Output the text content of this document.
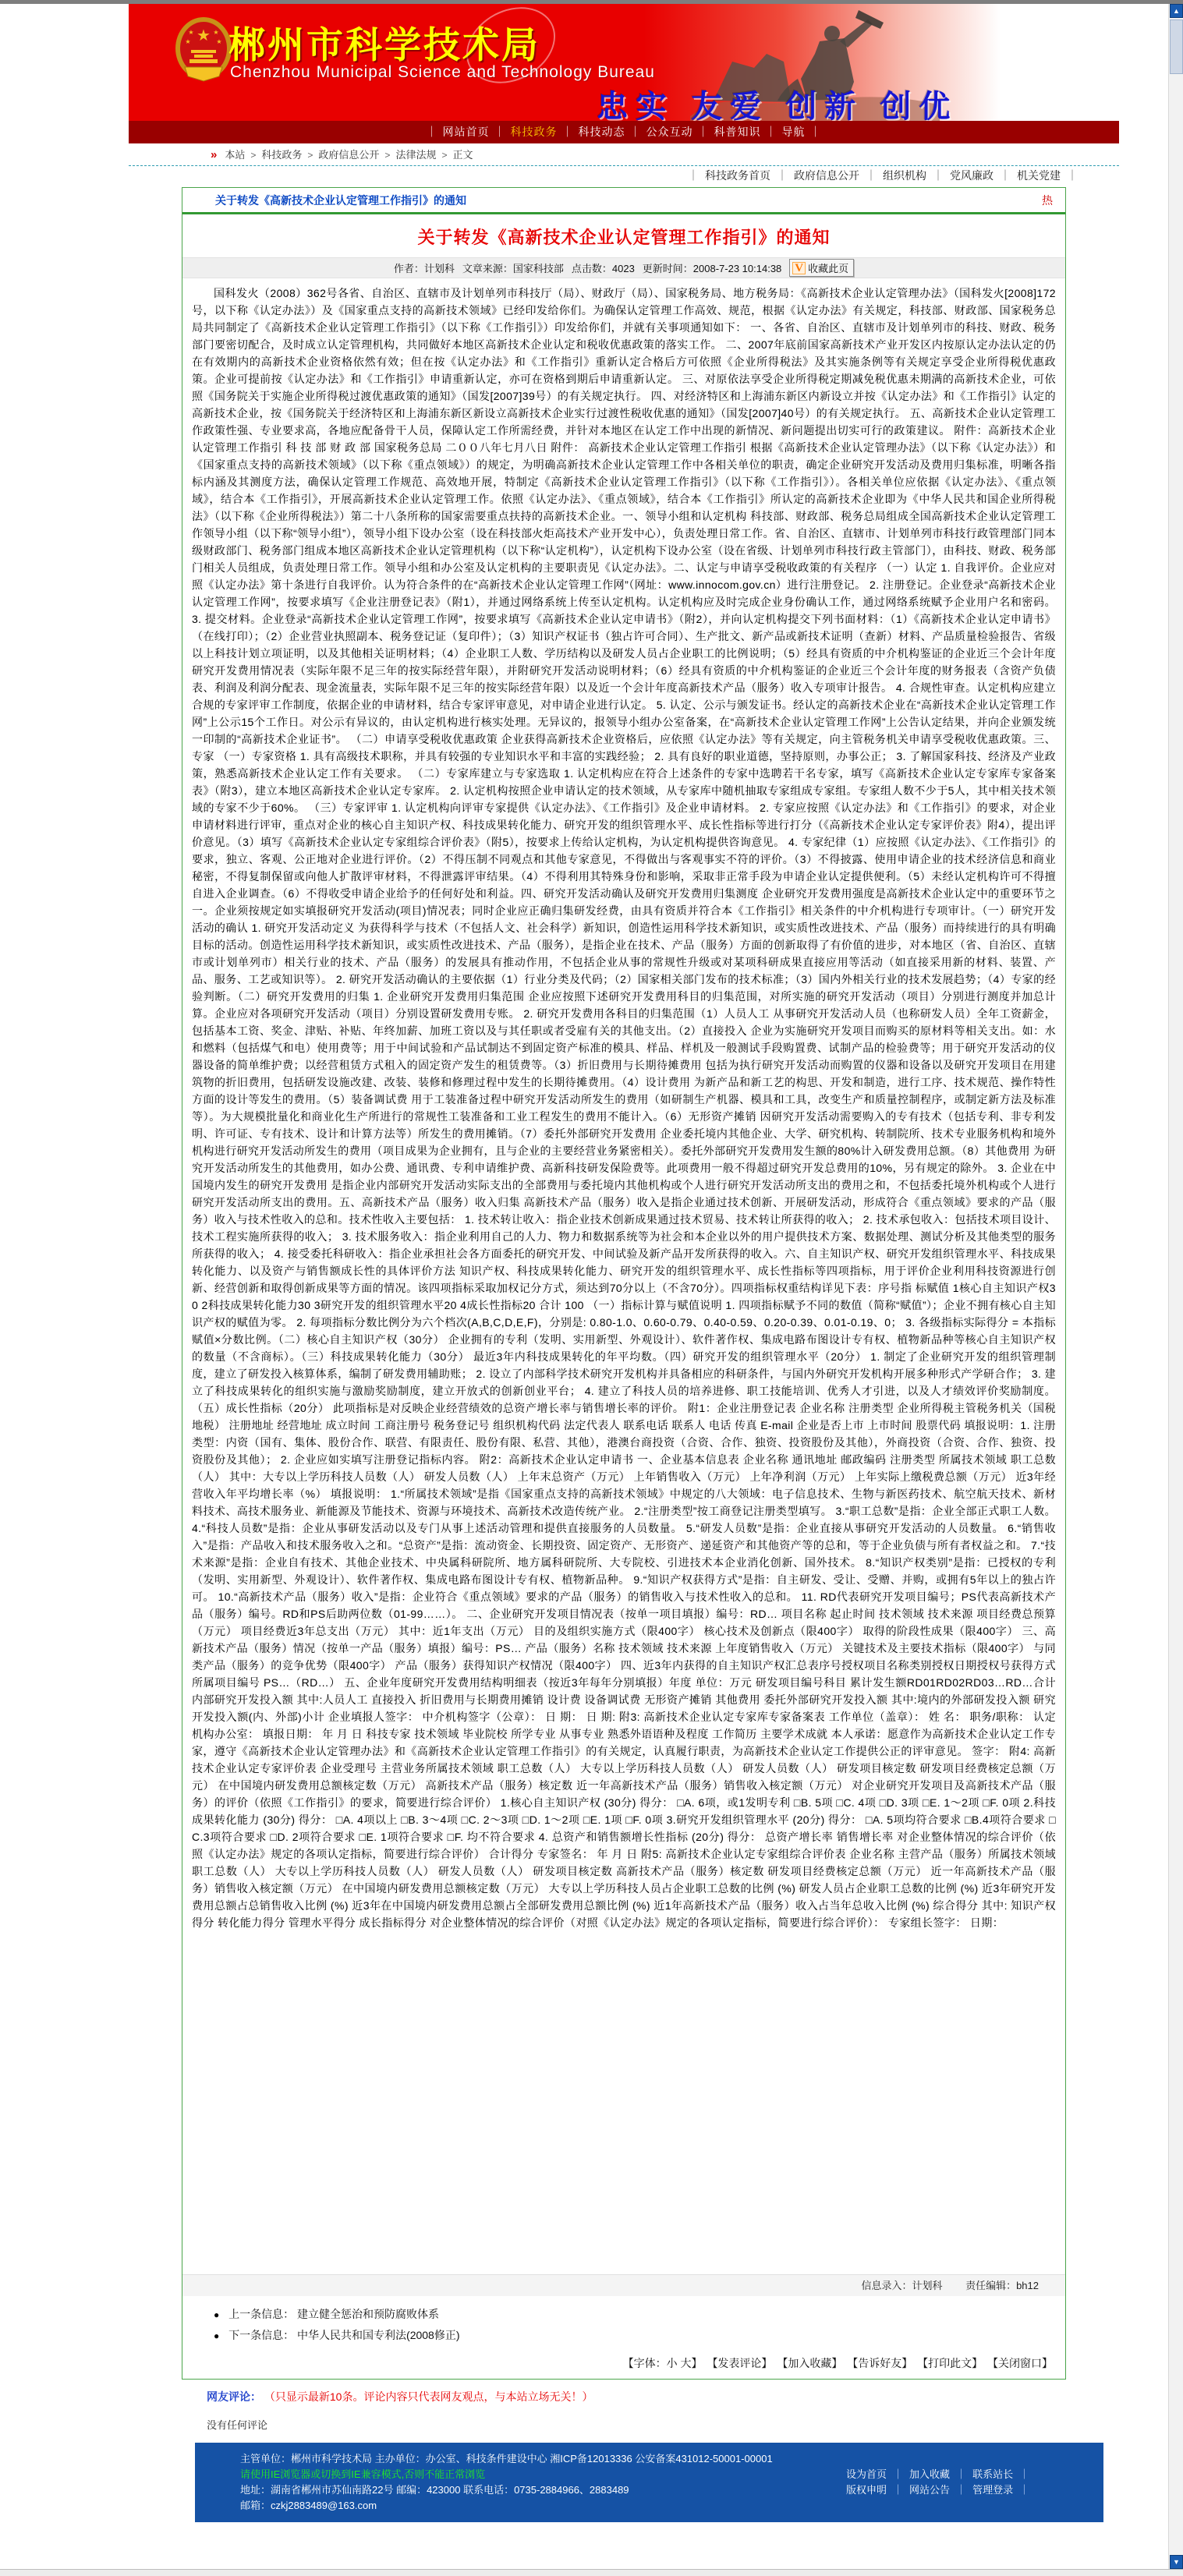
★
★	★
★	★ 郴州市科学技术局
Chenzhou Municipal Science and Technology Bureau
忠实 友爱 创新 创优
｜ 网站首页 ｜ 科技政务 ｜ 科技动态 ｜ 公众互动 ｜ 科普知识 ｜ 导航 ｜
» 本站 > 科技政务 > 政府信息公开 > 法律法规 > 正文
｜ 科技政务首页 ｜ 政府信息公开 ｜ 组织机构 ｜ 党风廉政 ｜ 机关党建 ｜
关于转发《高新技术企业认定管理工作指引》的通知	热
关于转发《高新技术企业认定管理工作指引》的通知
作者：计划科 文章来源：国家科技部 点击数：4023 更新时间：2008-7-23 10:14:38 V 收藏此页
国科发火（2008）362号各省、自治区、直辖市及计划单列市科技厅（局）、财政厅（局）、国家税务局、地方税务局：《高新技术企业认定管理办法》（国科发火[2008]172号，以下称《认定办法》）及《国家重点支持的高新技术领域》已经印发给你们。为确保认定管理工作高效、规范，根据《认定办法》有关规定，科技部、财政部、国家税务总局共同制定了《高新技术企业认定管理工作指引》（以下称《工作指引》）印发给你们，并就有关事项通知如下： 一、各省、自治区、直辖市及计划单列市的科技、财政、税务部门要密切配合，及时成立认定管理机构，共同做好本地区高新技术企业认定和税收优惠政策的落实工作。 二、2007年底前国家高新技术产业开发区内按原认定办法认定的仍在有效期内的高新技术企业资格依然有效；但在按《认定办法》和《工作指引》重新认定合格后方可依照《企业所得税法》及其实施条例等有关规定享受企业所得税优惠政策。企业可提前按《认定办法》和《工作指引》申请重新认定，亦可在资格到期后申请重新认定。 三、对原依法享受企业所得税定期减免税优惠未期满的高新技术企业，可依照《国务院关于实施企业所得税过渡优惠政策的通知》（国发[2007]39号）的有关规定执行。 四、对经济特区和上海浦东新区内新设立并按《认定办法》和《工作指引》认定的高新技术企业，按《国务院关于经济特区和上海浦东新区新设立高新技术企业实行过渡性税收优惠的通知》（国发[2007]40号）的有关规定执行。 五、高新技术企业认定管理工作政策性强、专业要求高，各地应配备骨干人员，保障认定工作所需经费，并针对本地区在认定工作中出现的新情况、新问题提出切实可行的政策建议。 附件：高新技术企业认定管理工作指引 科 技 部 财 政 部 国家税务总局 二００八年七月八日 附件： 高新技术企业认定管理工作指引 根据《高新技术企业认定管理办法》（以下称《认定办法》）和《国家重点支持的高新技术领域》（以下称《重点领域》）的规定，为明确高新技术企业认定管理工作中各相关单位的职责，确定企业研究开发活动及费用归集标准，明晰各指标内涵及其测度方法，确保认定管理工作规范、高效地开展，特制定《高新技术企业认定管理工作指引》（以下称《工作指引》）。各相关单位应依据《认定办法》、《重点领域》，结合本《工作指引》，开展高新技术企业认定管理工作。依照《认定办法》、《重点领域》，结合本《工作指引》所认定的高新技术企业即为《中华人民共和国企业所得税法》（以下称《企业所得税法》）第二十八条所称的国家需要重点扶持的高新技术企业。一、领导小组和认定机构 科技部、财政部、税务总局组成全国高新技术企业认定管理工作领导小组（以下称“领导小组”），领导小组下设办公室（设在科技部火炬高技术产业开发中心），负责处理日常工作。省、自治区、直辖市、计划单列市科技行政管理部门同本级财政部门、税务部门组成本地区高新技术企业认定管理机构（以下称“认定机构”），认定机构下设办公室（设在省级、计划单列市科技行政主管部门），由科技、财政、税务部门相关人员组成，负责处理日常工作。领导小组和办公室及认定机构的主要职责见《认定办法》。二、认定与申请享受税收政策的有关程序 （一）认定 1. 自我评价。企业应对照《认定办法》第十条进行自我评价。认为符合条件的在“高新技术企业认定管理工作网”（网址：www.innocom.gov.cn）进行注册登记。 2. 注册登记。企业登录“高新技术企业认定管理工作网”，按要求填写《企业注册登记表》（附1），并通过网络系统上传至认定机构。认定机构应及时完成企业身份确认工作，通过网络系统赋予企业用户名和密码。 3. 提交材料。企业登录“高新技术企业认定管理工作网”，按要求填写《高新技术企业认定申请书》（附2），并向认定机构提交下列书面材料：（1）《高新技术企业认定申请书》（在线打印）；（2）企业营业执照副本、税务登记证（复印件）；（3）知识产权证书（独占许可合同）、生产批文、新产品或新技术证明（查新）材料、产品质量检验报告、省级以上科技计划立项证明，以及其他相关证明材料；（4）企业职工人数、学历结构以及研发人员占企业职工的比例说明；（5）经具有资质的中介机构鉴证的企业近三个会计年度研究开发费用情况表（实际年限不足三年的按实际经营年限），并附研究开发活动说明材料；（6）经具有资质的中介机构鉴证的企业近三个会计年度的财务报表（含资产负债表、利润及利润分配表、现金流量表，实际年限不足三年的按实际经营年限）以及近一个会计年度高新技术产品（服务）收入专项审计报告。 4. 合规性审查。认定机构应建立合规的专家评审工作制度，依据企业的申请材料，结合专家评审意见，对申请企业进行认定。 5. 认定、公示与颁发证书。经认定的高新技术企业在“高新技术企业认定管理工作网”上公示15个工作日。对公示有异议的，由认定机构进行核实处理。无异议的，报领导小组办公室备案，在“高新技术企业认定管理工作网”上公告认定结果，并向企业颁发统一印制的“高新技术企业证书”。 （二）申请享受税收优惠政策 企业获得高新技术企业资格后，应依照《认定办法》等有关规定，向主管税务机关申请享受税收优惠政策。三、专家 （一）专家资格 1. 具有高级技术职称，并具有较强的专业知识水平和丰富的实践经验； 2. 具有良好的职业道德，坚持原则，办事公正； 3. 了解国家科技、经济及产业政策，熟悉高新技术企业认定工作有关要求。 （二）专家库建立与专家选取 1. 认定机构应在符合上述条件的专家中选聘若干名专家，填写《高新技术企业认定专家库专家备案表》（附3），建立本地区高新技术企业认定专家库。 2. 认定机构按照企业申请认定的技术领域，从专家库中随机抽取专家组成专家组。专家组人数不少于5人，其中相关技术领域的专家不少于60%。 （三）专家评审 1. 认定机构向评审专家提供《认定办法》、《工作指引》及企业申请材料。 2. 专家应按照《认定办法》和《工作指引》的要求，对企业申请材料进行评审，重点对企业的核心自主知识产权、科技成果转化能力、研究开发的组织管理水平、成长性指标等进行打分（《高新技术企业认定专家评价表》附4），提出评价意见。（3）填写《高新技术企业认定专家组综合评价表》（附5），按要求上传给认定机构，为认定机构提供咨询意见。 4. 专家纪律（1）应按照《认定办法》、《工作指引》的要求，独立、客观、公正地对企业进行评价。（2）不得压制不同观点和其他专家意见，不得做出与客观事实不符的评价。（3）不得披露、使用申请企业的技术经济信息和商业秘密，不得复制保留或向他人扩散评审材料，不得泄露评审结果。（4）不得利用其特殊身份和影响，采取非正常手段为申请企业认定提供便利。（5）未经认定机构许可不得擅自进入企业调查。（6）不得收受申请企业给予的任何好处和利益。四、研究开发活动确认及研究开发费用归集测度 企业研究开发费用强度是高新技术企业认定中的重要环节之一。企业须按规定如实填报研究开发活动(项目)情况表；同时企业应正确归集研发经费，由具有资质并符合本《工作指引》相关条件的中介机构进行专项审计。（一）研究开发活动的确认 1. 研究开发活动定义 为获得科学与技术（不包括人文、社会科学）新知识，创造性运用科学技术新知识，或实质性改进技术、产品（服务）而持续进行的具有明确目标的活动。创造性运用科学技术新知识，或实质性改进技术、产品（服务），是指企业在技术、产品（服务）方面的创新取得了有价值的进步，对本地区（省、自治区、直辖市或计划单列市）相关行业的技术、产品（服务）的发展具有推动作用，不包括企业从事的常规性升级或对某项科研成果直接应用等活动（如直接采用新的材料、装置、产品、服务、工艺或知识等）。 2. 研究开发活动确认的主要依据（1）行业分类及代码；（2）国家相关部门发布的技术标准；（3）国内外相关行业的技术发展趋势；（4）专家的经验判断。（二）研究开发费用的归集 1. 企业研究开发费用归集范围 企业应按照下述研究开发费用科目的归集范围，对所实施的研究开发活动（项目）分别进行测度并加总计算。企业应对各项研究开发活动（项目）分别设置研发费用专账。 2. 研究开发费用各科目的归集范围（1）人员人工 从事研究开发活动人员（也称研发人员）全年工资薪金，包括基本工资、奖金、津贴、补贴、年终加薪、加班工资以及与其任职或者受雇有关的其他支出。（2）直接投入 企业为实施研究开发项目而购买的原材料等相关支出。如：水和燃料（包括煤气和电）使用费等；用于中间试验和产品试制达不到固定资产标准的模具、样品、样机及一般测试手段购置费、试制产品的检验费等；用于研究开发活动的仪器设备的简单维护费；以经营租赁方式租入的固定资产发生的租赁费等。（3）折旧费用与长期待摊费用 包括为执行研究开发活动而购置的仪器和设备以及研究开发项目在用建筑物的折旧费用，包括研发设施改建、改装、装修和修理过程中发生的长期待摊费用。（4）设计费用 为新产品和新工艺的构思、开发和制造，进行工序、技术规范、操作特性方面的设计等发生的费用。（5）装备调试费 用于工装准备过程中研究开发活动所发生的费用（如研制生产机器、模具和工具，改变生产和质量控制程序，或制定新方法及标准等）。为大规模批量化和商业化生产所进行的常规性工装准备和工业工程发生的费用不能计入。（6）无形资产摊销 因研究开发活动需要购入的专有技术（包括专利、非专利发明、许可证、专有技术、设计和计算方法等）所发生的费用摊销。（7）委托外部研究开发费用 企业委托境内其他企业、大学、研究机构、转制院所、技术专业服务机构和境外机构进行研究开发活动所发生的费用（项目成果为企业拥有，且与企业的主要经营业务紧密相关）。委托外部研究开发费用发生额的80%计入研发费用总额。（8）其他费用 为研究开发活动所发生的其他费用，如办公费、通讯费、专利申请维护费、高新科技研发保险费等。此项费用一般不得超过研究开发总费用的10%，另有规定的除外。 3. 企业在中国境内发生的研究开发费用 是指企业内部研究开发活动实际支出的全部费用与委托境内其他机构或个人进行研究开发活动所支出的费用之和，不包括委托境外机构或个人进行研究开发活动所支出的费用。五、高新技术产品（服务）收入归集 高新技术产品（服务）收入是指企业通过技术创新、开展研发活动，形成符合《重点领域》要求的产品（服务）收入与技术性收入的总和。技术性收入主要包括： 1. 技术转让收入：指企业技术创新成果通过技术贸易、技术转让所获得的收入； 2. 技术承包收入：包括技术项目设计、技术工程实施所获得的收入； 3. 技术服务收入：指企业利用自己的人力、物力和数据系统等为社会和本企业以外的用户提供技术方案、数据处理、测试分析及其他类型的服务所获得的收入； 4. 接受委托科研收入：指企业承担社会各方面委托的研究开发、中间试验及新产品开发所获得的收入。六、自主知识产权、研究开发组织管理水平、科技成果转化能力、以及资产与销售额成长性的具体评价方法 知识产权、科技成果转化能力、研究开发的组织管理水平、成长性指标等四项指标，用于评价企业利用科技资源进行创新、经营创新和取得创新成果等方面的情况。该四项指标采取加权记分方式，须达到70分以上（不含70分）。四项指标权重结构详见下表：序号指 标赋值 1核心自主知识产权30 2科技成果转化能力30 3研究开发的组织管理水平20 4成长性指标20 合计 100 （一）指标计算与赋值说明 1. 四项指标赋予不同的数值（简称“赋值”）；企业不拥有核心自主知识产权的赋值为零。 2. 每项指标分数比例分为六个档次(A,B,C,D,E,F)，分别是: 0.80-1.0、0.60-0.79、0.40-0.59、0.20-0.39、0.01-0.19、0； 3. 各级指标实际得分 = 本指标赋值×分数比例。（二）核心自主知识产权（30分） 企业拥有的专利（发明、实用新型、外观设计）、软件著作权、集成电路布图设计专有权、植物新品种等核心自主知识产权的数量（不含商标）。（三）科技成果转化能力（30分） 最近3年内科技成果转化的年平均数。（四）研究开发的组织管理水平（20分） 1. 制定了企业研究开发的组织管理制度，建立了研发投入核算体系，编制了研发费用辅助账； 2. 设立了内部科学技术研究开发机构并具备相应的科研条件，与国内外研究开发机构开展多种形式产学研合作； 3. 建立了科技成果转化的组织实施与激励奖励制度，建立开放式的创新创业平台； 4. 建立了科技人员的培养进修、职工技能培训、优秀人才引进，以及人才绩效评价奖励制度。（五）成长性指标（20分） 此项指标是对反映企业经营绩效的总资产增长率与销售增长率的评价。 附1：企业注册登记表 企业名称 注册类型 企业所得税主管税务机关（国税 地税） 注册地址 经营地址 成立时间 工商注册号 税务登记号 组织机构代码 法定代表人 联系电话 联系人 电话 传真 E-mail 企业是否上市 上市时间 股票代码 填报说明：1. 注册类型：内资（国有、集体、股份合作、联营、有限责任、股份有限、私营、其他），港澳台商投资（合资、合作、独资、投资股份及其他），外商投资（合资、合作、独资、投资股份及其他）； 2. 企业应如实填写注册登记指标内容。 附2：高新技术企业认定申请书 一、企业基本信息表 企业名称 通讯地址 邮政编码 注册类型 所属技术领域 职工总数（人） 其中：大专以上学历科技人员数（人） 研发人员数（人） 上年末总资产（万元） 上年销售收入（万元） 上年净利润（万元） 上年实际上缴税费总额（万元） 近3年经营收入年平均增长率（%） 填报说明： 1.“所属技术领域”是指《国家重点支持的高新技术领域》中规定的八大领域：电子信息技术、生物与新医药技术、航空航天技术、新材料技术、高技术服务业、新能源及节能技术、资源与环境技术、高新技术改造传统产业。 2.“注册类型”按工商登记注册类型填写。 3.“职工总数”是指：企业全部正式职工人数。 4.“科技人员数”是指：企业从事研发活动以及专门从事上述活动管理和提供直接服务的人员数量。 5.“研发人员数”是指：企业直接从事研究开发活动的人员数量。 6.“销售收入”是指：产品收入和技术服务收入之和。“总资产”是指：流动资金、长期投资、固定资产、无形资产、递延资产和其他资产等的总和，等于企业负债与所有者权益之和。 7.“技术来源”是指：企业自有技术、其他企业技术、中央属科研院所、地方属科研院所、大专院校、引进技术本企业消化创新、国外技术。 8.“知识产权类别”是指：已授权的专利（发明、实用新型、外观设计）、软件著作权、集成电路布图设计专有权、植物新品种。 9.“知识产权获得方式”是指：自主研发、受让、受赠、并购，或拥有5年以上的独占许可。 10.“高新技术产品（服务）收入”是指：企业符合《重点领域》要求的产品（服务）的销售收入与技术性收入的总和。 11. RD代表研究开发项目编号；PS代表高新技术产品（服务）编号。RD和PS后助两位数（01-99……）。 二、企业研究开发项目情况表（按单一项目填报）编号：RD… 项目名称 起止时间 技术领域 技术来源 项目经费总预算（万元） 项目经费近3年总支出（万元） 其中：近1年支出（万元） 目的及组织实施方式（限400字） 核心技术及创新点（限400字） 取得的阶段性成果（限400字） 三、高新技术产品（服务）情况（按单一产品（服务）填报）编号：PS… 产品（服务）名称 技术领域 技术来源 上年度销售收入（万元） 关键技术及主要技术指标（限400字） 与同类产品（服务）的竞争优势（限400字） 产品（服务）获得知识产权情况（限400字） 四、近3年内获得的自主知识产权汇总表序号授权项目名称类别授权日期授权号获得方式所属项目编号 PS…（RD…） 五、企业年度研究开发费用结构明细表（按近3年每年分别填报）年度 单位：万元 研发项目编号科目 累计发生额RD01RD02RD03…RD…合计 内部研究开发投入额 其中:人员人工 直接投入 折旧费用与长期费用摊销 设计费 设备调试费 无形资产摊销 其他费用 委托外部研究开发投入额 其中:境内的外部研发投入额 研究开发投入额(内、外部)小计 企业填报人签字： 中介机构签字（公章）： 日 期： 日 期: 附3: 高新技术企业认定专家库专家备案表 工作单位（盖章）： 姓 名： 职务/职称： 认定机构办公室： 填报日期： 年 月 日 科技专家 技术领域 毕业院校 所学专业 从事专业 熟悉外语语种及程度 工作简历 主要学术成就 本人承诺：愿意作为高新技术企业认定工作专家，遵守《高新技术企业认定管理办法》和《高新技术企业认定管理工作指引》的有关规定，认真履行职责，为高新技术企业认定工作提供公正的评审意见。 签字： 附4: 高新技术企业认定专家评价表 企业受理号 主营业务所属技术领域 职工总数（人） 大专以上学历科技人员数（人） 研发人员数（人） 研发项目核定数 研发项目经费核定总额（万元） 在中国境内研发费用总额核定数（万元） 高新技术产品（服务）核定数 近一年高新技术产品（服务）销售收入核定额（万元） 对企业研究开发项目及高新技术产品（服务）的评价（依照《工作指引》的要求，简要进行综合评价） 1.核心自主知识产权 (30分) 得分： □A. 6项，或1发明专利 □B. 5项 □C. 4项 □D. 3项 □E. 1～2项 □F. 0项 2.科技成果转化能力 (30分) 得分： □A. 4项以上 □B. 3～4项 □C. 2～3项 □D. 1～2项 □E. 1项 □F. 0项 3.研究开发组织管理水平 (20分) 得分： □A. 5项均符合要求 □B.4项符合要求 □C.3项符合要求 □D. 2项符合要求 □E. 1项符合要求 □F. 均不符合要求 4. 总资产和销售额增长性指标 (20分) 得分： 总资产增长率 销售增长率 对企业整体情况的综合评价（依照《认定办法》规定的各项认定指标，简要进行综合评价） 合计得分 专家签名： 年 月 日 附5: 高新技术企业认定专家组综合评价表 企业名称 主营产品（服务）所属技术领域 职工总数（人） 大专以上学历科技人员数（人） 研发人员数（人） 研发项目核定数 高新技术产品（服务）核定数 研发项目经费核定总额（万元） 近一年高新技术产品（服务）销售收入核定额（万元） 在中国境内研发费用总额核定数（万元） 大专以上学历科技人员占企业职工总数的比例 (%) 研发人员占企业职工总数的比例 (%) 近3年研究开发费用总额占总销售收入比例 (%) 近3年在中国境内研发费用总额占全部研发费用总额比例 (%) 近1年高新技术产品（服务）收入占当年总收入比例 (%) 综合得分 其中: 知识产权得分 转化能力得分 管理水平得分 成长指标得分 对企业整体情况的综合评价（对照《认定办法》规定的各项认定指标，简要进行综合评价）： 专家组长签字： 日期：
信息录入：计划科 责任编辑：bh12
● 上一条信息： 建立健全惩治和预防腐败体系
● 下一条信息： 中华人民共和国专利法(2008修正)
【字体：小 大】 【发表评论】 【加入收藏】 【告诉好友】 【打印此文】 【关闭窗口】
网友评论： （只显示最新10条。评论内容只代表网友观点，与本站立场无关！）
没有任何评论
主管单位：郴州市科学技术局 主办单位：办公室、科技条件建设中心 湘ICP备12013336 公安备案431012-50001-00001
请使用IE浏览器或切换到IE兼容模式,否则不能正常浏览	设为首页 ｜ 加入收藏 ｜ 联系站长 ｜
地址：湖南省郴州市苏仙南路22号 邮编：423000 联系电话：0735-2884966、2883489	版权申明 ｜ 网站公告 ｜ 管理登录 ｜
邮箱：czkj2883489@163.com
▲
▼
